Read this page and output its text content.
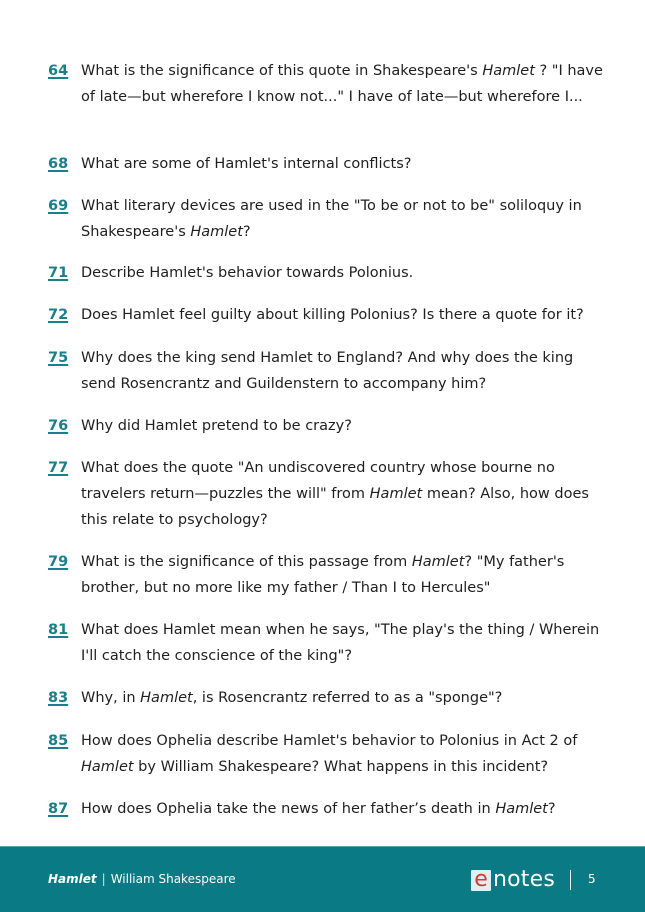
64 What is the significance of this quote in Shakespeare's Hamlet ? "I have of late—but wherefore I know not..." I have of late—but wherefore I...
68 What are some of Hamlet's internal conflicts?
69 What literary devices are used in the "To be or not to be" soliloquy in Shakespeare's Hamlet?
71 Describe Hamlet's behavior towards Polonius.
72 Does Hamlet feel guilty about killing Polonius? Is there a quote for it?
75 Why does the king send Hamlet to England? And why does the king send Rosencrantz and Guildenstern to accompany him?
76 Why did Hamlet pretend to be crazy?
77 What does the quote "An undiscovered country whose bourne no travelers return—puzzles the will" from Hamlet mean? Also, how does this relate to psychology?
79 What is the significance of this passage from Hamlet? "My father's brother, but no more like my father / Than I to Hercules"
81 What does Hamlet mean when he says, "The play's the thing / Wherein I'll catch the conscience of the king"?
83 Why, in Hamlet, is Rosencrantz referred to as a "sponge"?
85 How does Ophelia describe Hamlet's behavior to Polonius in Act 2 of Hamlet by William Shakespeare? What happens in this incident?
87 How does Ophelia take the news of her father’s death in Hamlet?
Hamlet | William Shakespeare	e notes	5
